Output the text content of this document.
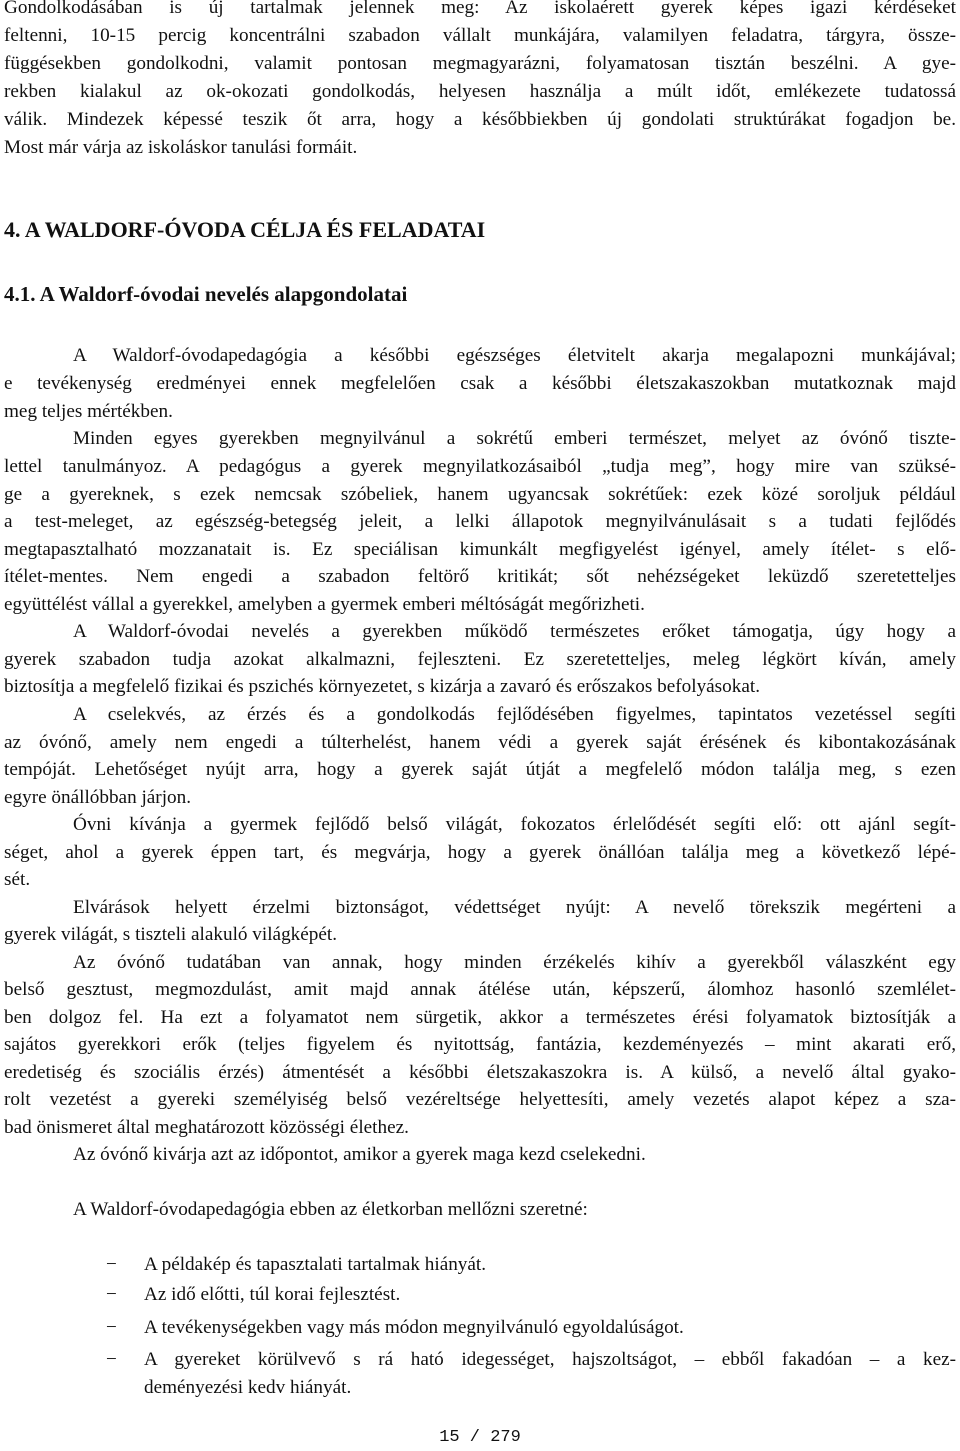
Gondolkodásában is új tartalmak jelennek meg: Az iskolaérett gyerek képes igazi kérdéseket
feltenni, 10-15 percig koncentrálni szabadon vállalt munkájára, valamilyen feladatra, tárgyra, össze-
függésekben gondolkodni, valamit pontosan megmagyarázni, folyamatosan tisztán beszélni. A gye-
rekben kialakul az ok-okozati gondolkodás, helyesen használja a múlt időt, emlékezete tudatossá
válik. Mindezek képessé teszik őt arra, hogy a későbbiekben új gondolati struktúrákat fogadjon be.
Most már várja az iskoláskor tanulási formáit.
4. A WALDORF-ÓVODA CÉLJA ÉS FELADATAI
4.1. A Waldorf-óvodai nevelés alapgondolatai
A Waldorf-óvodapedagógia a későbbi egészséges életvitelt akarja megalapozni munkájával;
e tevékenység eredményei ennek megfelelően csak a későbbi életszakaszokban mutatkoznak majd
meg teljes mértékben.
Minden egyes gyerekben megnyilvánul a sokrétű emberi természet, melyet az óvónő tiszte-
lettel tanulmányoz. A pedagógus a gyerek megnyilatkozásaiból „tudja meg”, hogy mire van szüksé-
ge a gyereknek, s ezek nemcsak szóbeliek, hanem ugyancsak sokrétűek: ezek közé soroljuk például
a test-meleget, az egészség-betegség jeleit, a lelki állapotok megnyilvánulásait s a tudati fejlődés
megtapasztalható mozzanatait is. Ez speciálisan kimunkált megfigyelést igényel, amely ítélet- s elő-
ítélet-mentes. Nem engedi a szabadon feltörő kritikát; sőt nehézségeket leküzdő szeretetteljes
együttélést vállal a gyerekkel, amelyben a gyermek emberi méltóságát megőrizheti.
A Waldorf-óvodai nevelés a gyerekben működő természetes erőket támogatja, úgy hogy a
gyerek szabadon tudja azokat alkalmazni, fejleszteni. Ez szeretetteljes, meleg légkört kíván, amely
biztosítja a megfelelő fizikai és pszichés környezetet, s kizárja a zavaró és erőszakos befolyásokat.
A cselekvés, az érzés és a gondolkodás fejlődésében figyelmes, tapintatos vezetéssel segíti
az óvónő, amely nem engedi a túlterhelést, hanem védi a gyerek saját érésének és kibontakozásának
tempóját. Lehetőséget nyújt arra, hogy a gyerek saját útját a megfelelő módon találja meg, s ezen
egyre önállóbban járjon.
Óvni kívánja a gyermek fejlődő belső világát, fokozatos érlelődését segíti elő: ott ajánl segít-
séget, ahol a gyerek éppen tart, és megvárja, hogy a gyerek önállóan találja meg a következő lépé-
sét.
Elvárások helyett érzelmi biztonságot, védettséget nyújt: A nevelő törekszik megérteni a
gyerek világát, s tiszteli alakuló világképét.
Az óvónő tudatában van annak, hogy minden érzékelés kihív a gyerekből válaszként egy
belső gesztust, megmozdulást, amit majd annak átélése után, képszerű, álomhoz hasonló szemlélet-
ben dolgoz fel. Ha ezt a folyamatot nem sürgetik, akkor a természetes érési folyamatok biztosítják a
sajátos gyerekkori erők (teljes figyelem és nyitottság, fantázia, kezdeményezés – mint akarati erő,
eredetiség és szociális érzés) átmentését a későbbi életszakaszokra is. A külső, a nevelő által gyako-
rolt vezetést a gyereki személyiség belső vezéreltsége helyettesíti, amely vezetés alapot képez a sza-
bad önismeret által meghatározott közösségi élethez.
Az óvónő kivárja azt az időpontot, amikor a gyerek maga kezd cselekedni.
A Waldorf-óvodapedagógia ebben az életkorban mellőzni szeretné:
− A példakép és tapasztalati tartalmak hiányát.
− Az idő előtti, túl korai fejlesztést.
− A tevékenységekben vagy más módon megnyilvánuló egyoldalúságot.
− A gyereket körülvevő s rá ható idegességet, hajszoltságot, – ebből fakadóan – a kez-
deményezési kedv hiányát.
15 / 279
